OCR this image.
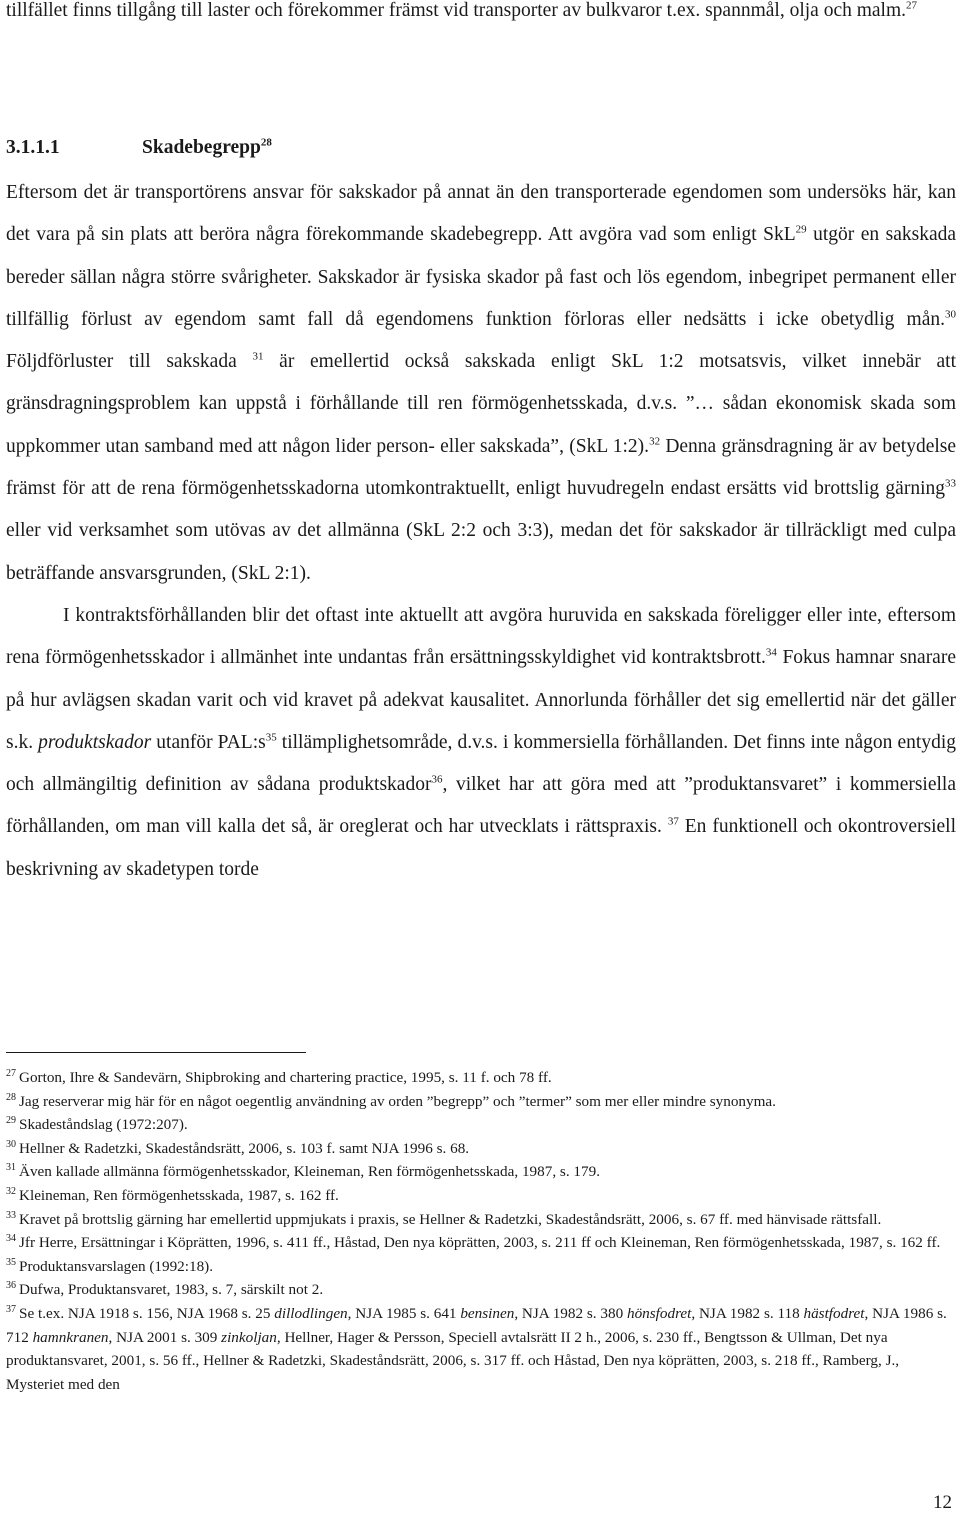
tillfället finns tillgång till laster och förekommer främst vid transporter av bulkvaror t.ex. spannmål, olja och malm.$^{27}$

3.1.1.1	Skadebegrepp$^{28}$

Eftersom det är transportörens ansvar för sakskador på annat än den transporterade egendomen som undersöks här, kan det vara på sin plats att beröra några förekommande skadebegrepp. Att avgöra vad som enligt SkL$^{29}$ utgör en sakskada bereder sällan några större svårigheter. Sakskador är fysiska skador på fast och lös egendom, inbegripet permanent eller tillfällig förlust av egendom samt fall då egendomens funktion förloras eller nedsätts i icke obetydlig mån.$^{30}$ Följdförluster till sakskada $^{31}$ är emellertid också sakskada enligt SkL 1:2 motsatsvis, vilket innebär att gränsdragningsproblem kan uppstå i förhållande till ren förmögenhetsskada, d.v.s. ”… sådan ekonomisk skada som uppkommer utan samband med att någon lider person- eller sakskada”, (SkL 1:2).$^{32}$ Denna gränsdragning är av betydelse främst för att de rena förmögenhetsskadorna utomkontraktuellt, enligt huvudregeln endast ersätts vid brottslig gärning$^{33}$ eller vid verksamhet som utövas av det allmänna (SkL 2:2 och 3:3), medan det för sakskador är tillräckligt med culpa beträffande ansvarsgrunden, (SkL 2:1).

I kontraktsförhållanden blir det oftast inte aktuellt att avgöra huruvida en sakskada föreligger eller inte, eftersom rena förmögenhetsskador i allmänhet inte undantas från ersättningsskyldighet vid kontraktsbrott.$^{34}$ Fokus hamnar snarare på hur avlägsen skadan varit och vid kravet på adekvat kausalitet. Annorlunda förhåller det sig emellertid när det gäller s.k. produktskador utanför $PAL:s^{35}$ tillämplighetsområde, d.v.s. i kommersiella förhållanden. Det finns inte någon entydig och allmängiltig definition av sådana produktskador$^{36}$, vilket har att göra med att ”produktansvaret” i kommersiella förhållanden, om man vill kalla det så, är oreglerat och har utvecklats i rättspraxis. $^{37}$ En funktionell och okontroversiell beskrivning av skadetypen torde

$^{27}$ Gorton, Ihre & Sandevärn, Shipbroking and chartering practice, 1995, s. 11 f. och 78 ff.

$^{28}$ Jag reserverar mig här för en något oegentlig användning av orden ”begrepp” och ”termer” som mer eller mindre synonyma.

$^{29}$ Skadeståndslag (1972:207).

$^{30}$ Hellner & Radetzki, Skadeståndsrätt, 2006, s. 103 f. samt NJA 1996 s. 68.

$^{31}$ Även kallade allmänna förmögenhetsskador, Kleineman, Ren förmögenhetsskada, 1987, s. 179.

$^{32}$ Kleineman, Ren förmögenhetsskada, 1987, s. 162 ff.

$^{33}$ Kravet på brottslig gärning har emellertid uppmjukats i praxis, se Hellner & Radetzki, Skadeståndsrätt, 2006, s. 67 ff. med hänvisade rättsfall.

$^{34}$ Jfr Herre, Ersättningar i Köprätten, 1996, s. 411 ff., Håstad, Den nya köprätten, 2003, s. 211 ff och Kleineman, Ren förmögenhetsskada, 1987, s. 162 ff.

$^{35}$ Produktansvarslagen (1992:18).

$^{36}$ Dufwa, Produktansvaret, 1983, s. 7, särskilt not 2.

$^{37}$ Se t.ex. NJA 1918 s. 156, NJA 1968 s. 25 dillodlingen, NJA 1985 s. 641 bensinen, NJA 1982 s. 380 hönsfodret, NJA 1982 s. 118 hästfodret, NJA 1986 s. 712 hamnkranen, NJA 2001 s. 309 zinkoljan, Hellner, Hager & Persson, Speciell avtalsrätt II 2 h., 2006, s. 230 ff., Bengtsson & Ullman, Det nya produktansvaret, 2001, s. 56 ff., Hellner & Radetzki, Skadeståndsrätt, 2006, s. 317 ff. och Håstad, Den nya köprätten, 2003, s. 218 ff., Ramberg, J., Mysteriet med den

12
